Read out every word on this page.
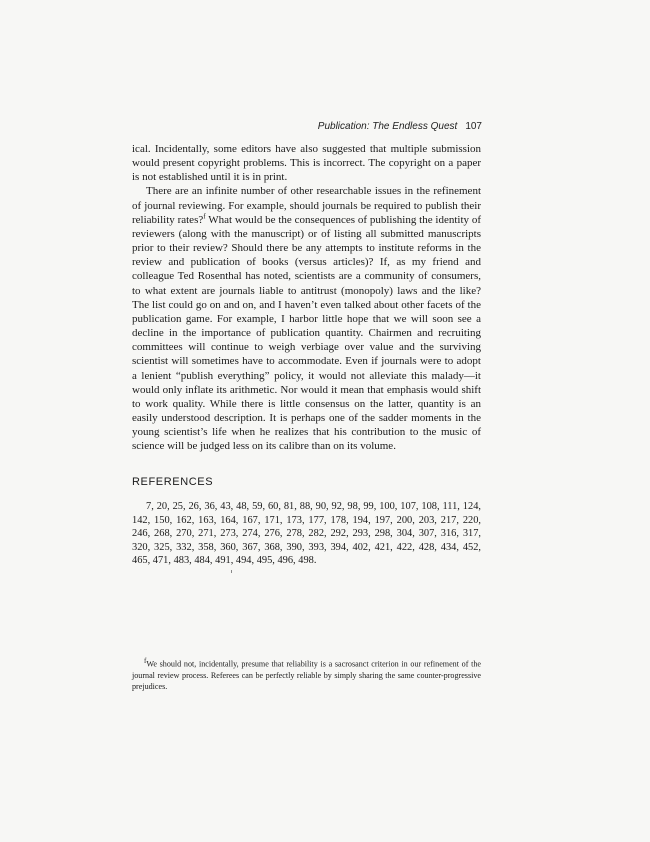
Publication: The Endless Quest 107

ical. Incidentally, some editors have also suggested that multiple submission would present copyright problems. This is incorrect. The copyright on a paper is not established until it is in print.

There are an infinite number of other researchable issues in the refinement of journal reviewing. For example, should journals be required to publish their reliability rates?$^f$ What would be the consequences of publishing the identity of reviewers (along with the manuscript) or of listing all submitted manuscripts prior to their review? Should there be any attempts to institute reforms in the review and publication of books (versus articles)? If, as my friend and colleague Ted Rosenthal has noted, scientists are a community of consumers, to what extent are journals liable to antitrust (monopoly) laws and the like? The list could go on and on, and I haven’t even talked about other facets of the publication game. For example, I harbor little hope that we will soon see a decline in the importance of publication quantity. Chairmen and recruiting committees will continue to weigh verbiage over value and the surviving scientist will sometimes have to accommodate. Even if journals were to adopt a lenient “publish everything” policy, it would not alleviate this malady—it would only inflate its arithmetic. Nor would it mean that emphasis would shift to work quality. While there is little consensus on the latter, quantity is an easily understood description. It is perhaps one of the sadder moments in the young scientist’s life when he realizes that his contribution to the music of science will be judged less on its calibre than on its volume.

REFERENCES

7, 20, 25, 26, 36, 43, 48, 59, 60, 81, 88, 90, 92, 98, 99, 100, 107, 108, 111, 124, 142, 150, 162, 163, 164, 167, 171, 173, 177, 178, 194, 197, 200, 203, 217, 220, 246, 268, 270, 271, 273, 274, 276, 278, 282, 292, 293, 298, 304, 307, 316, 317, 320, 325, 332, 358, 360, 367, 368, 390, 393, 394, 402, 421, 422, 428, 434, 452, 465, 471, 483, 484, 491, 494, 495, 496, 498.

$^f$We should not, incidentally, presume that reliability is a sacrosanct criterion in our refinement of the journal review process. Referees can be perfectly reliable by simply sharing the same counter-progressive prejudices.
